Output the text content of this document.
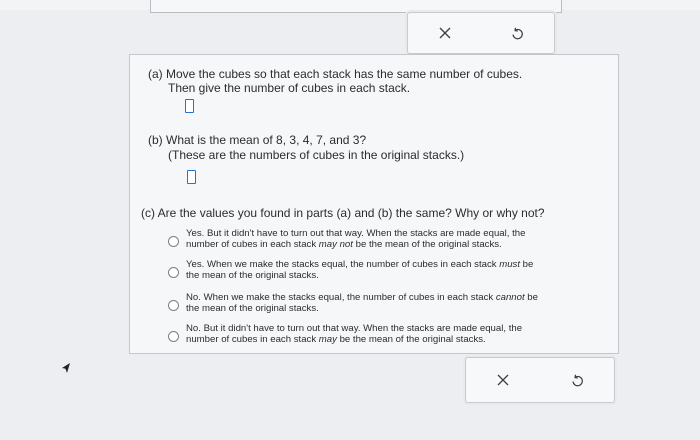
(a) Move the cubes so that each stack has the same number of cubes.
Then give the number of cubes in each stack.
(b) What is the mean of 8, 3, 4, 7, and 3?
(These are the numbers of cubes in the original stacks.)
(c) Are the values you found in parts (a) and (b) the same? Why or why not?
Yes. But it didn't have to turn out that way. When the stacks are made equal, the
number of cubes in each stack may not be the mean of the original stacks.
Yes. When we make the stacks equal, the number of cubes in each stack must be
the mean of the original stacks.
No. When we make the stacks equal, the number of cubes in each stack cannot be
the mean of the original stacks.
No. But it didn't have to turn out that way. When the stacks are made equal, the
number of cubes in each stack may be the mean of the original stacks.
